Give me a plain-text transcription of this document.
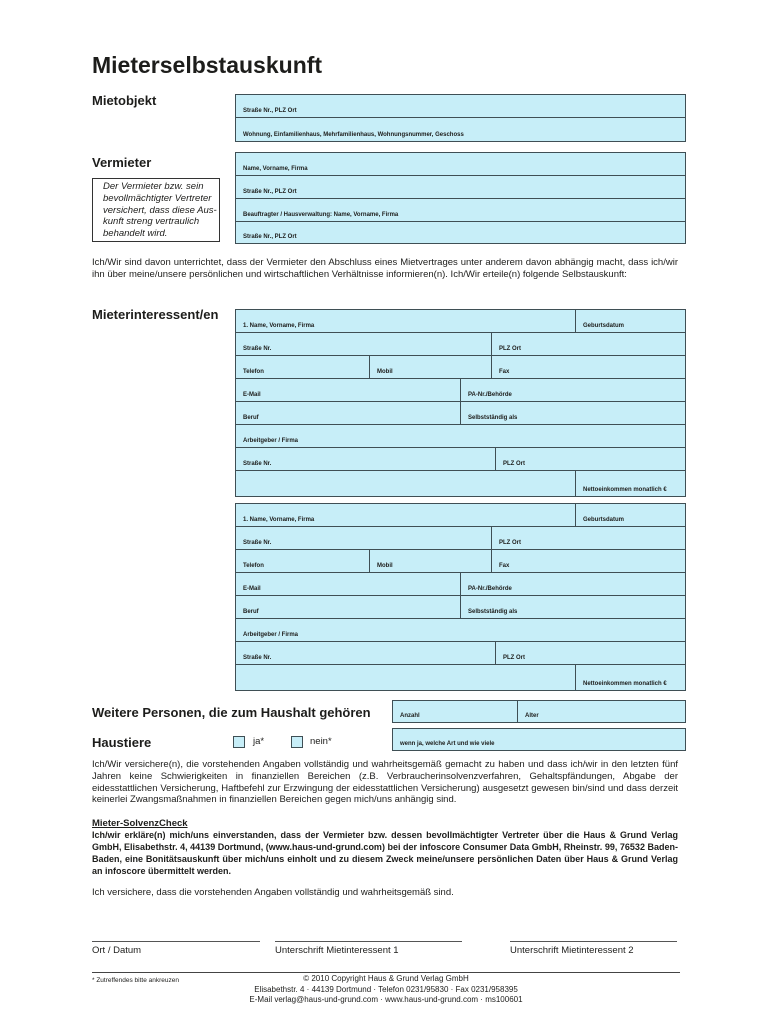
Mieterselbstauskunft
Mietobjekt
Straße Nr., PLZ Ort
Wohnung, Einfamilienhaus, Mehrfamilienhaus, Wohnungsnummer, Geschoss
Vermieter
Der Vermieter bzw. sein
bevollmächtigter Vertreter
versichert, dass diese Aus-
kunft streng vertraulich
behandelt wird.
Name, Vorname, Firma
Straße Nr., PLZ Ort
Beauftragter / Hausverwaltung: Name, Vorname, Firma
Straße Nr., PLZ Ort
Ich/Wir sind davon unterrichtet, dass der Vermieter den Abschluss eines Mietvertrages unter anderem davon abhängig macht, dass ich/wir ihn über meine/unsere persönlichen und wirtschaftlichen Verhältnisse informieren(n). Ich/Wir erteile(n) folgende Selbstauskunft:
Mieterinteressent/en
1. Name, Vorname, Firma	Geburtsdatum
Straße Nr.	PLZ Ort
Telefon	Mobil	Fax
E-Mail	PA-Nr./Behörde
Beruf	Selbstständig als
Arbeitgeber / Firma
Straße Nr.	PLZ Ort
Nettoeinkommen monatlich €
1. Name, Vorname, Firma	Geburtsdatum
Straße Nr.	PLZ Ort
Telefon	Mobil	Fax
E-Mail	PA-Nr./Behörde
Beruf	Selbstständig als
Arbeitgeber / Firma
Straße Nr.	PLZ Ort
Nettoeinkommen monatlich €
Weitere Personen, die zum Haushalt gehören	Anzahl	Alter
Haustiere	ja*	nein*	wenn ja, welche Art und wie viele
Ich/Wir versichere(n), die vorstehenden Angaben vollständig und wahrheitsgemäß gemacht zu haben und dass ich/wir in den letzten fünf Jahren keine Schwierigkeiten in finanziellen Bereichen (z.B. Verbraucherinsolvenzverfahren, Gehaltspfändungen, Abgabe der eidesstattlichen Versicherung, Haftbefehl zur Erzwingung der eidesstattlichen Versicherung) ausgesetzt gewesen bin/sind und dass derzeit keinerlei Zwangsmaßnahmen in finanziellen Bereichen gegen mich/uns anhängig sind.
Mieter-SolvenzCheck
Ich/wir erkläre(n) mich/uns einverstanden, dass der Vermieter bzw. dessen bevollmächtigter Vertreter über die Haus & Grund Verlag GmbH, Elisabethstr. 4, 44139 Dortmund, (www.haus-und-grund.com) bei der infoscore Consumer Data GmbH, Rheinstr. 99, 76532 Baden-Baden, eine Bonitätsauskunft über mich/uns einholt und zu diesem Zweck meine/unsere persönlichen Daten über Haus & Grund Verlag an infoscore übermittelt werden.
Ich versichere, dass die vorstehenden Angaben vollständig und wahrheitsgemäß sind.
Ort / Datum	Unterschrift Mietinteressent 1	Unterschrift Mietinteressent 2
* Zutreffendes bitte ankreuzen	© 2010 Copyright Haus & Grund Verlag GmbH
Elisabethstr. 4 · 44139 Dortmund · Telefon 0231/95830 · Fax 0231/958395
E-Mail verlag@haus-und-grund.com · www.haus-und-grund.com · ms100601
